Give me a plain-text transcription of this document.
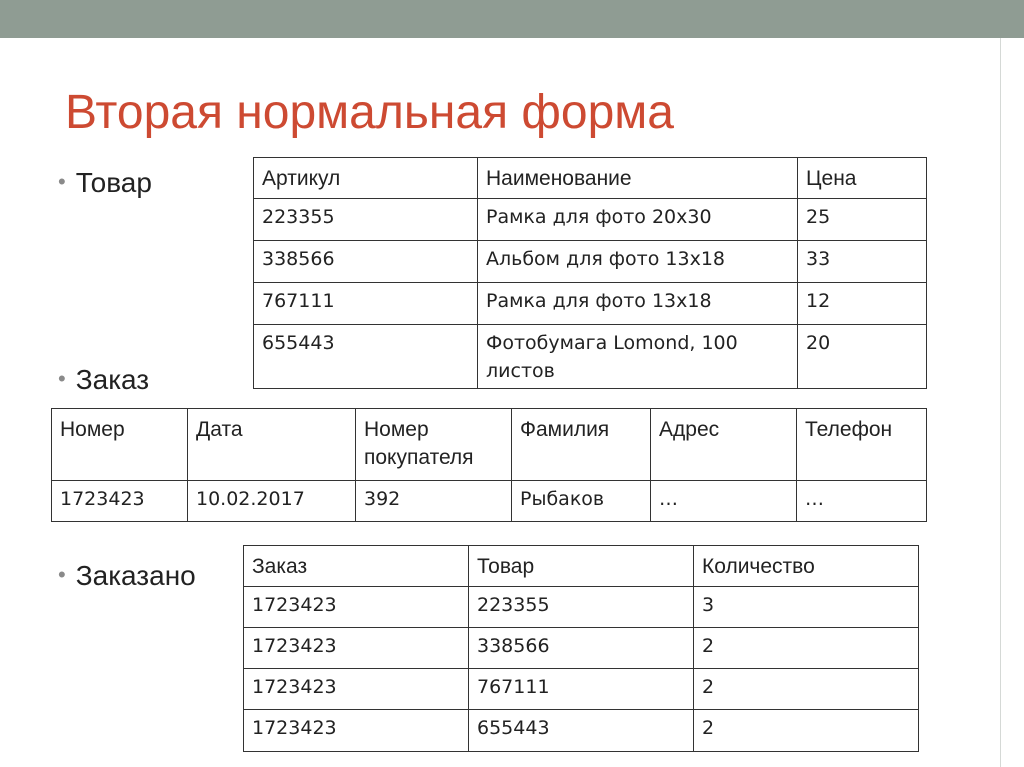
Вторая нормальная форма
• Товар	Артикул	Наименование	Цена
223355	Рамка для фото 20х30	25
338566	Альбом для фото 13х18	33
767111	Рамка для фото 13х18	12
655443	Фотобумага Lomond, 100 листов	20
• Заказ
Номер	Дата	Номер покупателя	Фамилия	Адрес	Телефон
1723423	10.02.2017	392	Рыбаков	…	…
• Заказано	Заказ	Товар	Количество
1723423	223355	3
1723423	338566	2
1723423	767111	2
1723423	655443	2
